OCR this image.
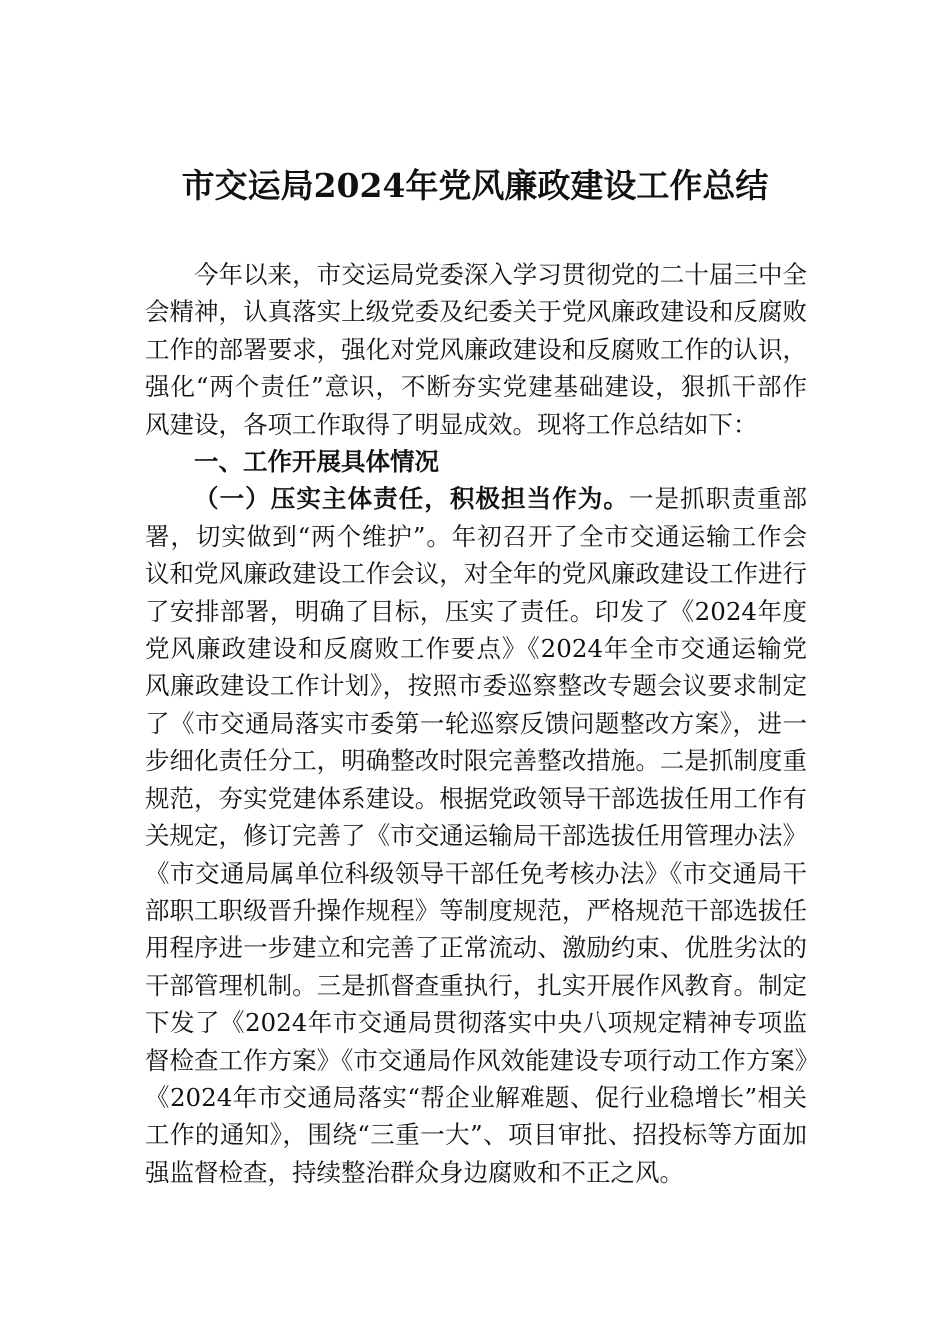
市交运局2024年党风廉政建设工作总结

今年以来，市交运局党委深入学习贯彻党的二十届三中全会精神，认真落实上级党委及纪委关于党风廉政建设和反腐败工作的部署要求，强化对党风廉政建设和反腐败工作的认识，强化“两个责任”意识，不断夯实党建基础建设，狠抓干部作风建设，各项工作取得了明显成效。现将工作总结如下：

一、工作开展具体情况

（一）压实主体责任，积极担当作为。一是抓职责重部署，切实做到“两个维护”。年初召开了全市交通运输工作会议和党风廉政建设工作会议，对全年的党风廉政建设工作进行了安排部署，明确了目标，压实了责任。印发了《2024年度党风廉政建设和反腐败工作要点》《2024年全市交通运输党风廉政建设工作计划》，按照市委巡察整改专题会议要求制定了《市交通局落实市委第一轮巡察反馈问题整改方案》，进一步细化责任分工，明确整改时限完善整改措施。二是抓制度重规范，夯实党建体系建设。根据党政领导干部选拔任用工作有关规定，修订完善了《市交通运输局干部选拔任用管理办法》《市交通局属单位科级领导干部任免考核办法》《市交通局干部职工职级晋升操作规程》等制度规范，严格规范干部选拔任用程序进一步建立和完善了正常流动、激励约束、优胜劣汰的干部管理机制。三是抓督查重执行，扎实开展作风教育。制定下发了《2024年市交通局贯彻落实中央八项规定精神专项监督检查工作方案》《市交通局作风效能建设专项行动工作方案》《2024年市交通局落实“帮企业解难题、促行业稳增长”相关工作的通知》，围绕“三重一大”、项目审批、招投标等方面加强监督检查，持续整治群众身边腐败和不正之风。
